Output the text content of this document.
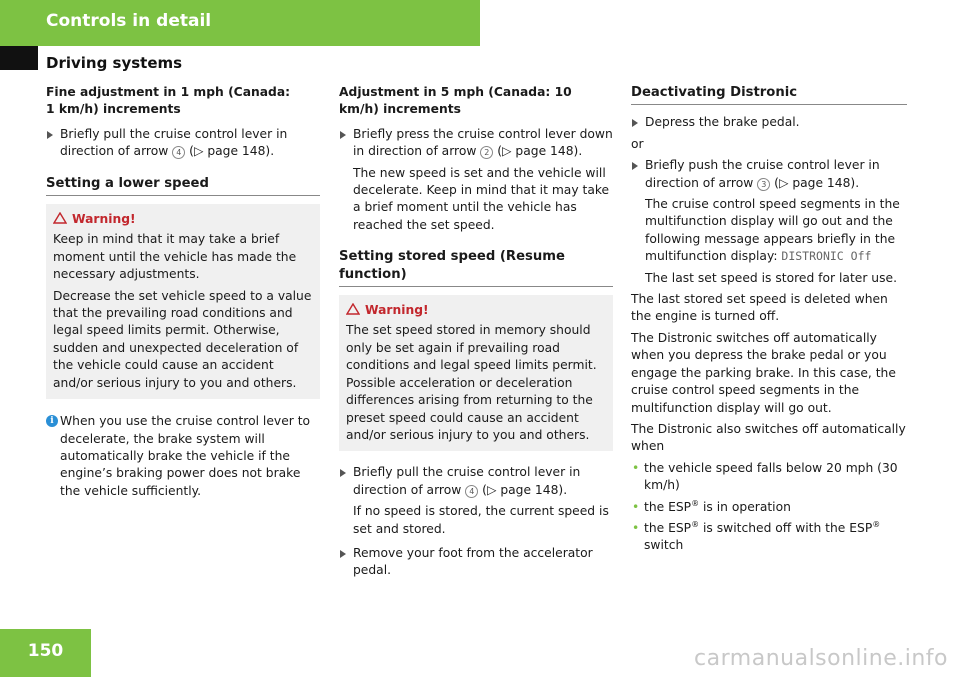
Controls in detail
Driving systems

Fine adjustment in 1 mph (Canada: 1 km/h) increments

Briefly pull the cruise control lever in direction of arrow 4 (▷ page 148).

Setting a lower speed

Warning!

Keep in mind that it may take a brief moment until the vehicle has made the necessary adjustments.

Decrease the set vehicle speed to a value that the prevailing road conditions and legal speed limits permit. Otherwise, sudden and unexpected deceleration of the vehicle could cause an accident and/or serious injury to you and others.

i When you use the cruise control lever to decelerate, the brake system will automatically brake the vehicle if the engine’s braking power does not brake the vehicle sufficiently.

Adjustment in 5 mph (Canada: 10 km/h) increments

Briefly press the cruise control lever down in direction of arrow 2 (▷ page 148).

The new speed is set and the vehicle will decelerate. Keep in mind that it may take a brief moment until the vehicle has reached the set speed.

Setting stored speed (Resume function)

Warning!

The set speed stored in memory should only be set again if prevailing road conditions and legal speed limits permit. Possible acceleration or deceleration differences arising from returning to the preset speed could cause an accident and/or serious injury to you and others.

Briefly pull the cruise control lever in direction of arrow 4 (▷ page 148).

If no speed is stored, the current speed is set and stored.

Remove your foot from the accelerator pedal.

Deactivating Distronic

Depress the brake pedal.

or

Briefly push the cruise control lever in direction of arrow 3 (▷ page 148).

The cruise control speed segments in the multifunction display will go out and the following message appears briefly in the multifunction display: DISTRONIC Off

The last set speed is stored for later use.

The last stored set speed is deleted when the engine is turned off.

The Distronic switches off automatically when you depress the brake pedal or you engage the parking brake. In this case, the cruise control speed segments in the multifunction display will go out.

The Distronic also switches off automatically when

• the vehicle speed falls below 20 mph (30 km/h)
• the ESP® is in operation
• the ESP® is switched off with the ESP® switch
150	carmanualsonline.info
